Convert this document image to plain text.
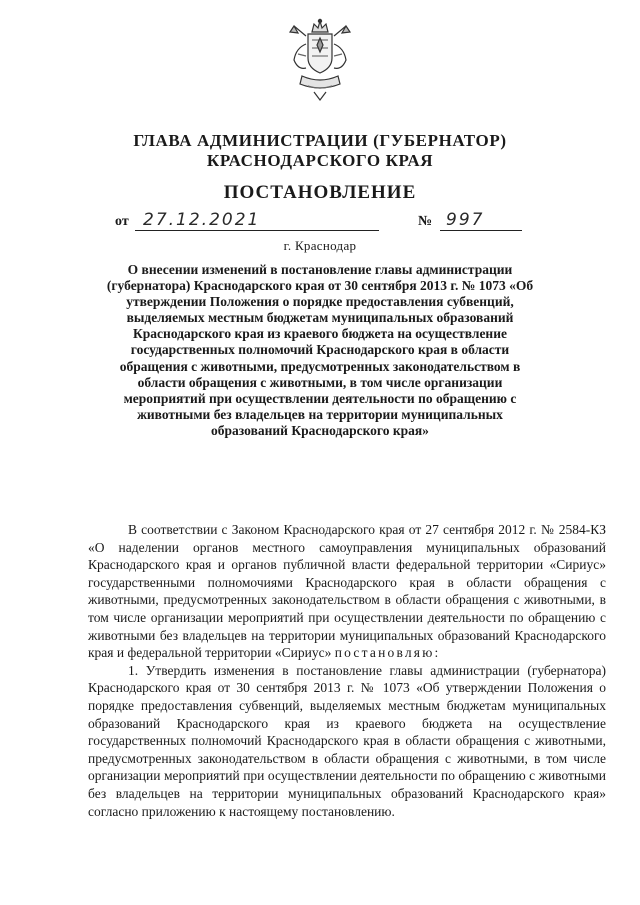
ГЛАВА АДМИНИСТРАЦИИ (ГУБЕРНАТОР)
КРАСНОДАРСКОГО КРАЯ
ПОСТАНОВЛЕНИЕ
от 27.12.2021	№ 997
г. Краснодар
О внесении изменений в постановление главы администрации (губернатора) Краснодарского края от 30 сентября 2013 г. № 1073 «Об утверждении Положения о порядке предоставления субвенций, выделяемых местным бюджетам муниципальных образований Краснодарского края из краевого бюджета на осуществление государственных полномочий Краснодарского края в области обращения с животными, предусмотренных законодательством в области обращения с животными, в том числе организации мероприятий при осуществлении деятельности по обращению с животными без владельцев на территории муниципальных образований Краснодарского края»

В соответствии с Законом Краснодарского края от 27 сентября 2012 г. № 2584-КЗ «О наделении органов местного самоуправления муниципальных образований Краснодарского края и органов публичной власти федеральной территории «Сириус» государственными полномочиями Краснодарского края в области обращения с животными, предусмотренных законодательством в области обращения с животными, в том числе организации мероприятий при осуществлении деятельности по обращению с животными без владельцев на территории муниципальных образований Краснодарского края и федеральной территории «Сириус» постановляю:

1. Утвердить изменения в постановление главы администрации (губернатора) Краснодарского края от 30 сентября 2013 г. № 1073 «Об утверждении Положения о порядке предоставления субвенций, выделяемых местным бюджетам муниципальных образований Краснодарского края из краевого бюджета на осуществление государственных полномочий Краснодарского края в области обращения с животными, предусмотренных законодательством в области обращения с животными, в том числе организации мероприятий при осуществлении деятельности по обращению с животными без владельцев на территории муниципальных образований Краснодарского края» согласно приложению к настоящему постановлению.
